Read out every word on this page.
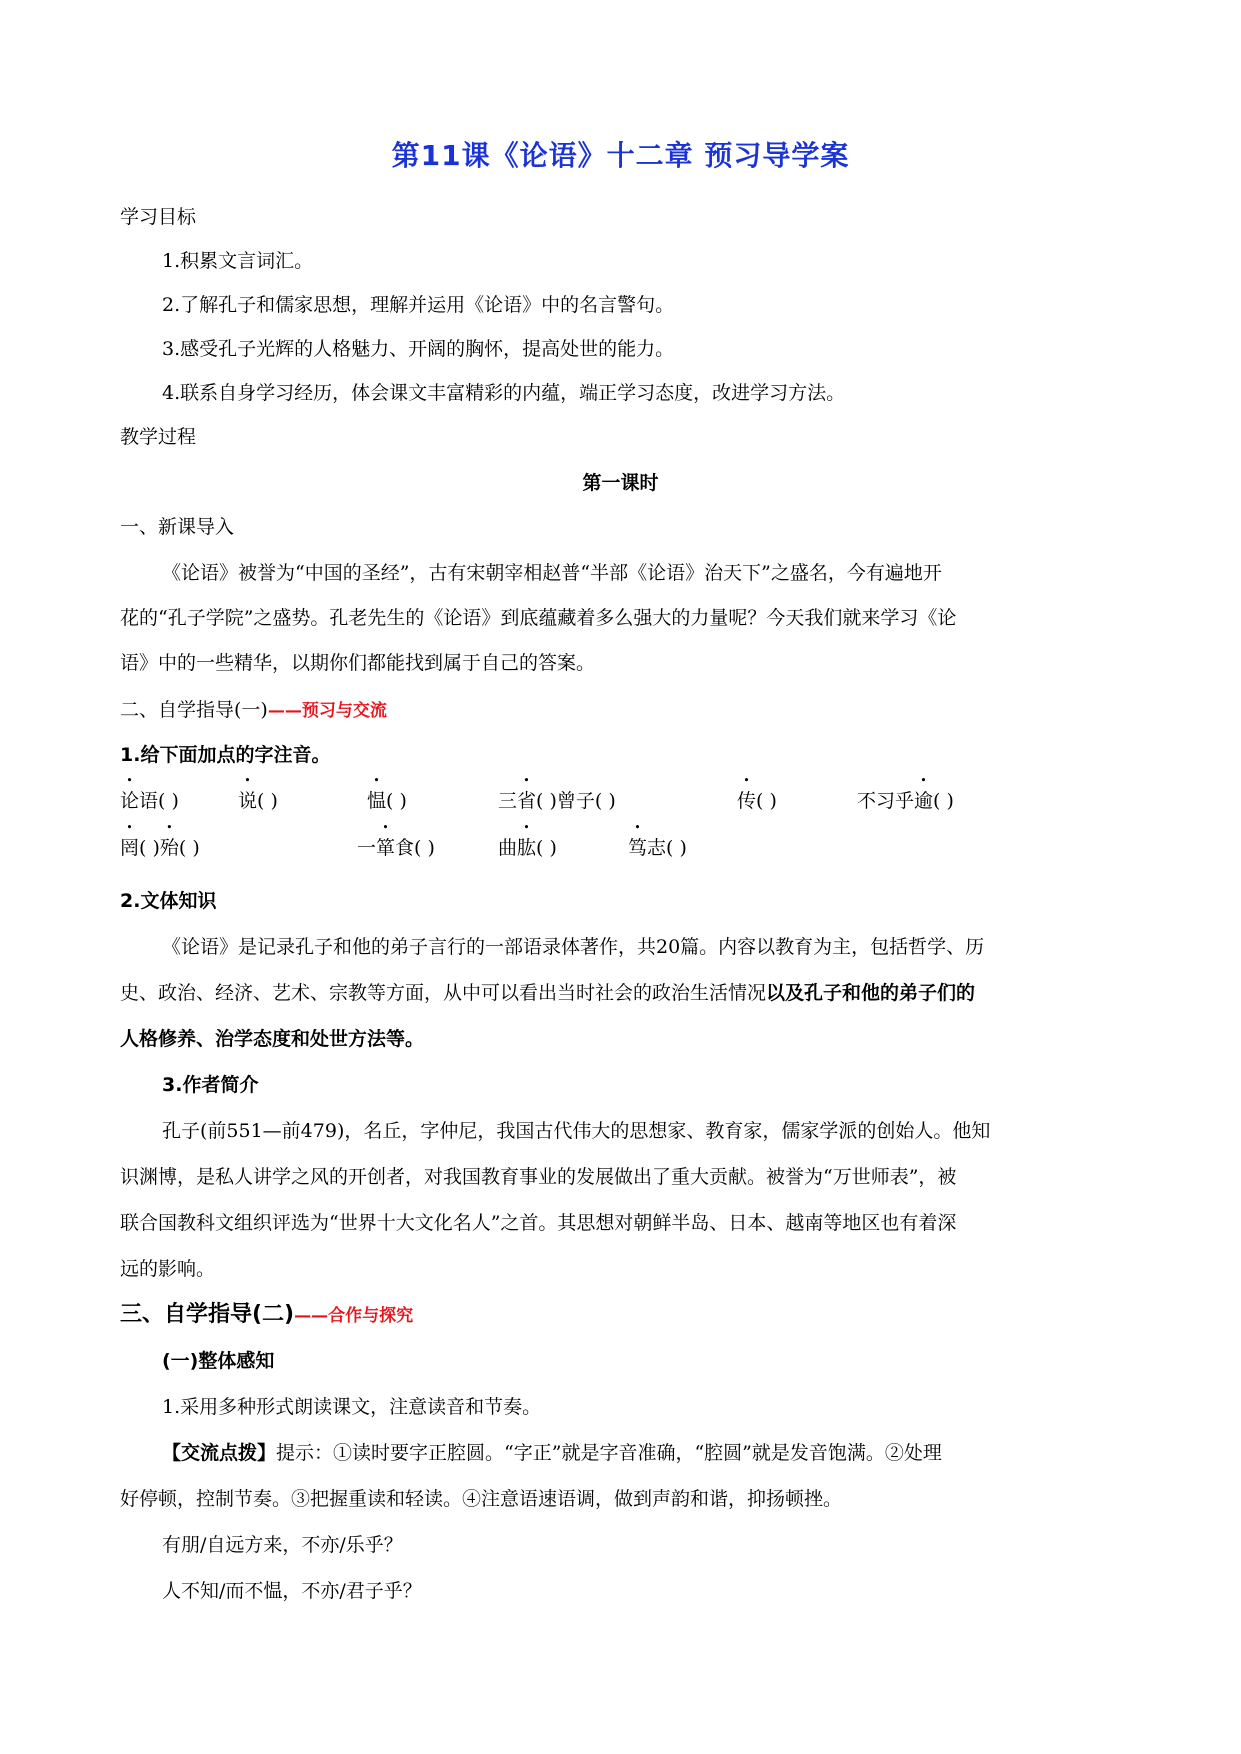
第11课《论语》十二章 预习导学案
学习目标
1.积累文言词汇。
2.了解孔子和儒家思想，理解并运用《论语》中的名言警句。
3.感受孔子光辉的人格魅力、开阔的胸怀，提高处世的能力。
4.联系自身学习经历，体会课文丰富精彩的内蕴，端正学习态度，改进学习方法。
教学过程
第一课时
一、新课导入
《论语》被誉为“中国的圣经”，古有宋朝宰相赵普“半部《论语》治天下”之盛名，今有遍地开
花的“孔子学院”之盛势。孔老先生的《论语》到底蕴藏着多么强大的力量呢？今天我们就来学习《论
语》中的一些精华，以期你们都能找到属于自己的答案。
二、自学指导(一)——预习与交流
1.给下面加点的字注音。
论语( )	说( )	愠( )	三省( )曾子( )	传( )	不习乎逾( )
罔( )殆( )	一箪食( )	曲肱( )	笃志( )
2.文体知识
《论语》是记录孔子和他的弟子言行的一部语录体著作，共20篇。内容以教育为主，包括哲学、历
史、政治、经济、艺术、宗教等方面，从中可以看出当时社会的政治生活情况以及孔子和他的弟子们的
人格修养、治学态度和处世方法等。
3.作者简介
孔子(前551—前479)，名丘，字仲尼，我国古代伟大的思想家、教育家，儒家学派的创始人。他知
识渊博，是私人讲学之风的开创者，对我国教育事业的发展做出了重大贡献。被誉为“万世师表”，被
联合国教科文组织评选为“世界十大文化名人”之首。其思想对朝鲜半岛、日本、越南等地区也有着深
远的影响。
三、自学指导(二)——合作与探究
(一)整体感知
1.采用多种形式朗读课文，注意读音和节奏。
【交流点拨】提示：①读时要字正腔圆。“字正”就是字音准确，“腔圆”就是发音饱满。②处理
好停顿，控制节奏。③把握重读和轻读。④注意语速语调，做到声韵和谐，抑扬顿挫。
有朋/自远方来，不亦/乐乎？
人不知/而不愠，不亦/君子乎？
